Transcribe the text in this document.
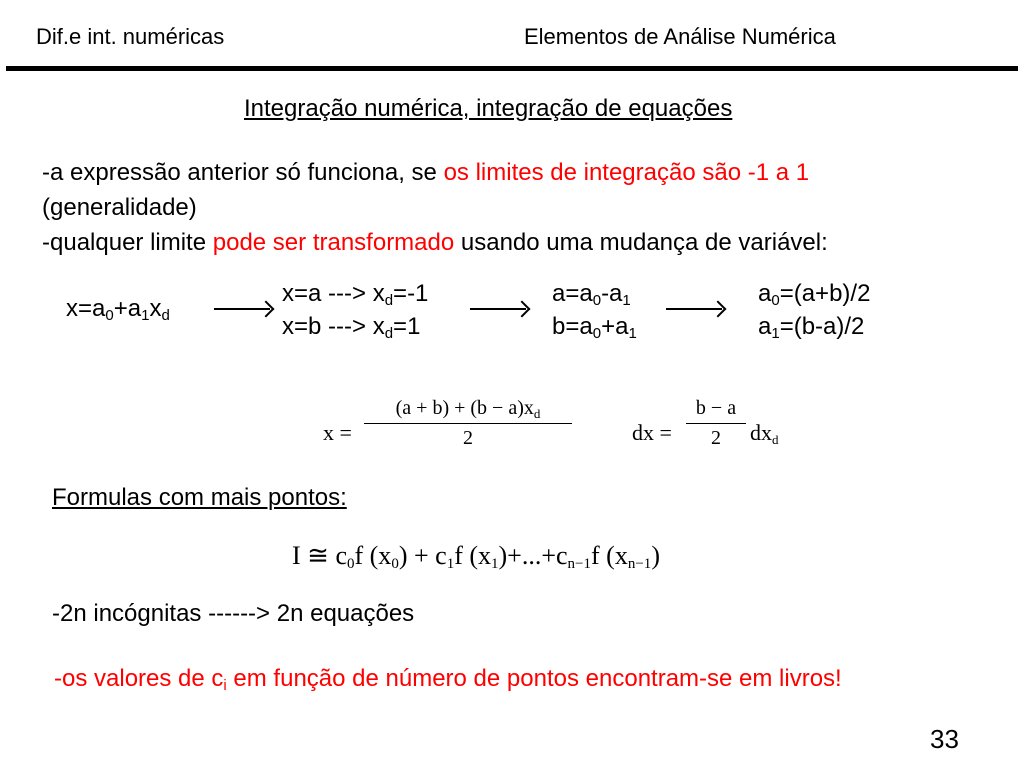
Dif.e int. numéricas	Elementos de Análise Numérica
Integração numérica, integração de equações
-a expressão anterior só funciona, se os limites de integração são -1 a 1
(generalidade)
-qualquer limite pode ser transformado usando uma mudança de variável:
$x=a_0+a_1x_d$
x=a ---> $x_d=-1$
x=b ---> $x_d=1$
$a=a_0-a_1$
$b=a_0+a_1$
$a_0=(a+b)/2$
$a_1=(b-a)/2$
x =
$(a + b) + (b - a)x_d$
2	dx =
b − a
2	$dx_d$
Formulas com mais pontos:
I ≅ $c_0f$ $(x_0) + c_1f$ $(x_1)+...+c_{n-1}f$ $(x_{n-1})$
-2n incógnitas ------> 2n equações
-os valores de $c_i$ em função de número de pontos encontram-se em livros!
33
